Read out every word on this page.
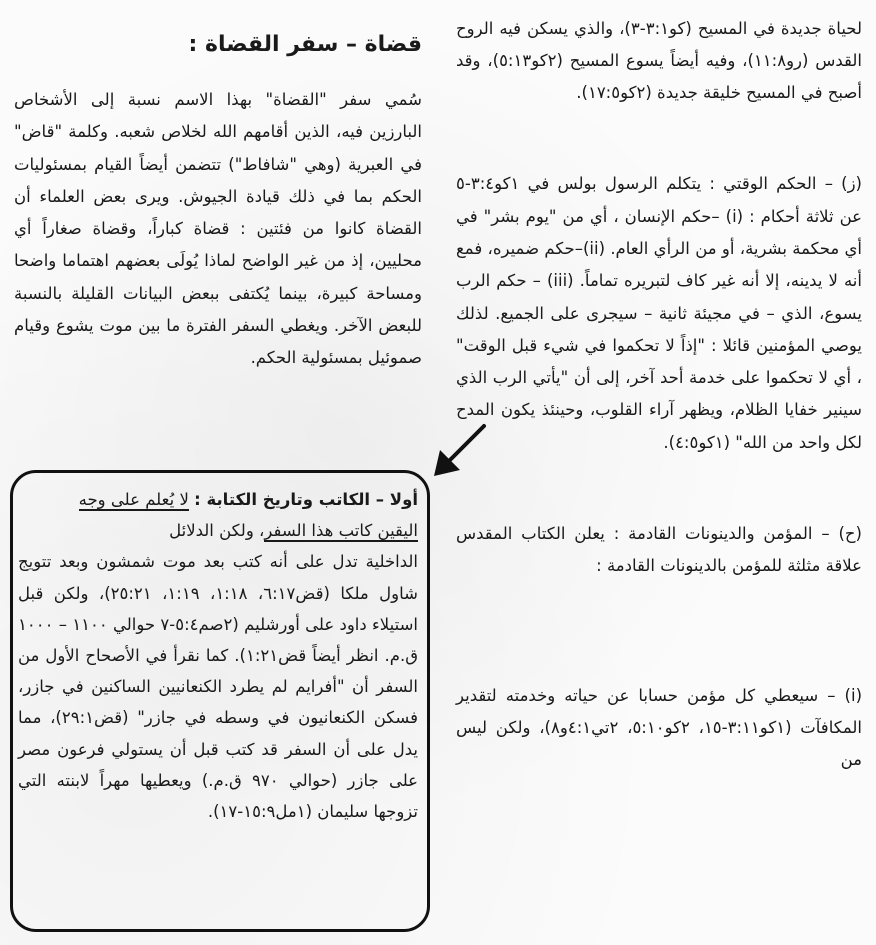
لحياة جديدة في المسيح (كو٣:١-٣)، والذي يسكن فيه الروح القدس (رو١١:٨)، وفيه أيضاً يسوع المسيح (٢كو٥:١٣)، وقد أصبح في المسيح خليقة جديدة (٢كو١٧:٥).

(ز) – الحكم الوقتي : يتكلم الرسول بولس في ١كو٣:٤-٥ عن ثلاثة أحكام : (i) –حكم الإنسان ، أي من "يوم بشر" في أي محكمة بشرية، أو من الرأي العام. (ii)–حكم ضميره، فمع أنه لا يدينه، إلا أنه غير كاف لتبريره تماماً. (iii) – حكم الرب يسوع، الذي – في مجيئة ثانية – سيجرى على الجميع. لذلك يوصي المؤمنين قائلا : "إذاً لا تحكموا في شيء قبل الوقت" ، أي لا تحكموا على خدمة أحد آخر، إلى أن "يأتي الرب الذي سينير خفايا الظلام، ويظهر آراء القلوب، وحينئذ يكون المدح لكل واحد من الله" (١كو٤:٥).

(ح) – المؤمن والدينونات القادمة : يعلن الكتاب المقدس علاقة مثلثة للمؤمن بالدينونات القادمة :

(i) – سيعطي كل مؤمن حسابا عن حياته وخدمته لتقدير المكافآت (١كو٣:١١-١٥، ٢كو٥:١٠، ٢تي٤:١و٨)، ولكن ليس من

قضاة – سفر القضاة :

سُمي سفر "القضاة" بهذا الاسم نسبة إلى الأشخاص البارزين فيه، الذين أقامهم الله لخلاص شعبه. وكلمة "قاض" في العبرية (وهي "شافاط") تتضمن أيضاً القيام بمسئوليات الحكم بما في ذلك قيادة الجيوش. ويرى بعض العلماء أن القضاة كانوا من فئتين : قضاة كباراً، وقضاة صغاراً أي محليين، إذ من غير الواضح لماذا يُولَى بعضهم اهتماما واضحا ومساحة كبيرة، بينما يُكتفى ببعض البيانات القليلة بالنسبة للبعض الآخر. ويغطي السفر الفترة ما بين موت يشوع وقيام صموئيل بمسئولية الحكم.

أولا – الكاتب وتاريخ الكتابة : لا يُعلم على وجه

اليقين كاتب هذا السفر، ولكن الدلائل

الداخلية تدل على أنه كتب بعد موت شمشون وبعد تتويج شاول ملكا (قض٦:١٧، ١:١٨، ١:١٩، ٢٥:٢١)، ولكن قبل استيلاء داود على أورشليم (٢صم٥:٤-٧ حوالي ١١٠٠ – ١٠٠٠ ق.م. انظر أيضاً قض١:٢١). كما نقرأ في الأصحاح الأول من السفر أن "أفرايم لم يطرد الكنعانيين الساكنين في جازر، فسكن الكنعانيون في وسطه في جازر" (قض٢٩:١)، مما يدل على أن السفر قد كتب قبل أن يستولي فرعون مصر على جازر (حوالي ٩٧٠ ق.م.) ويعطيها مهراً لابنته التي تزوجها سليمان (١مل١٥:٩-١٧).
